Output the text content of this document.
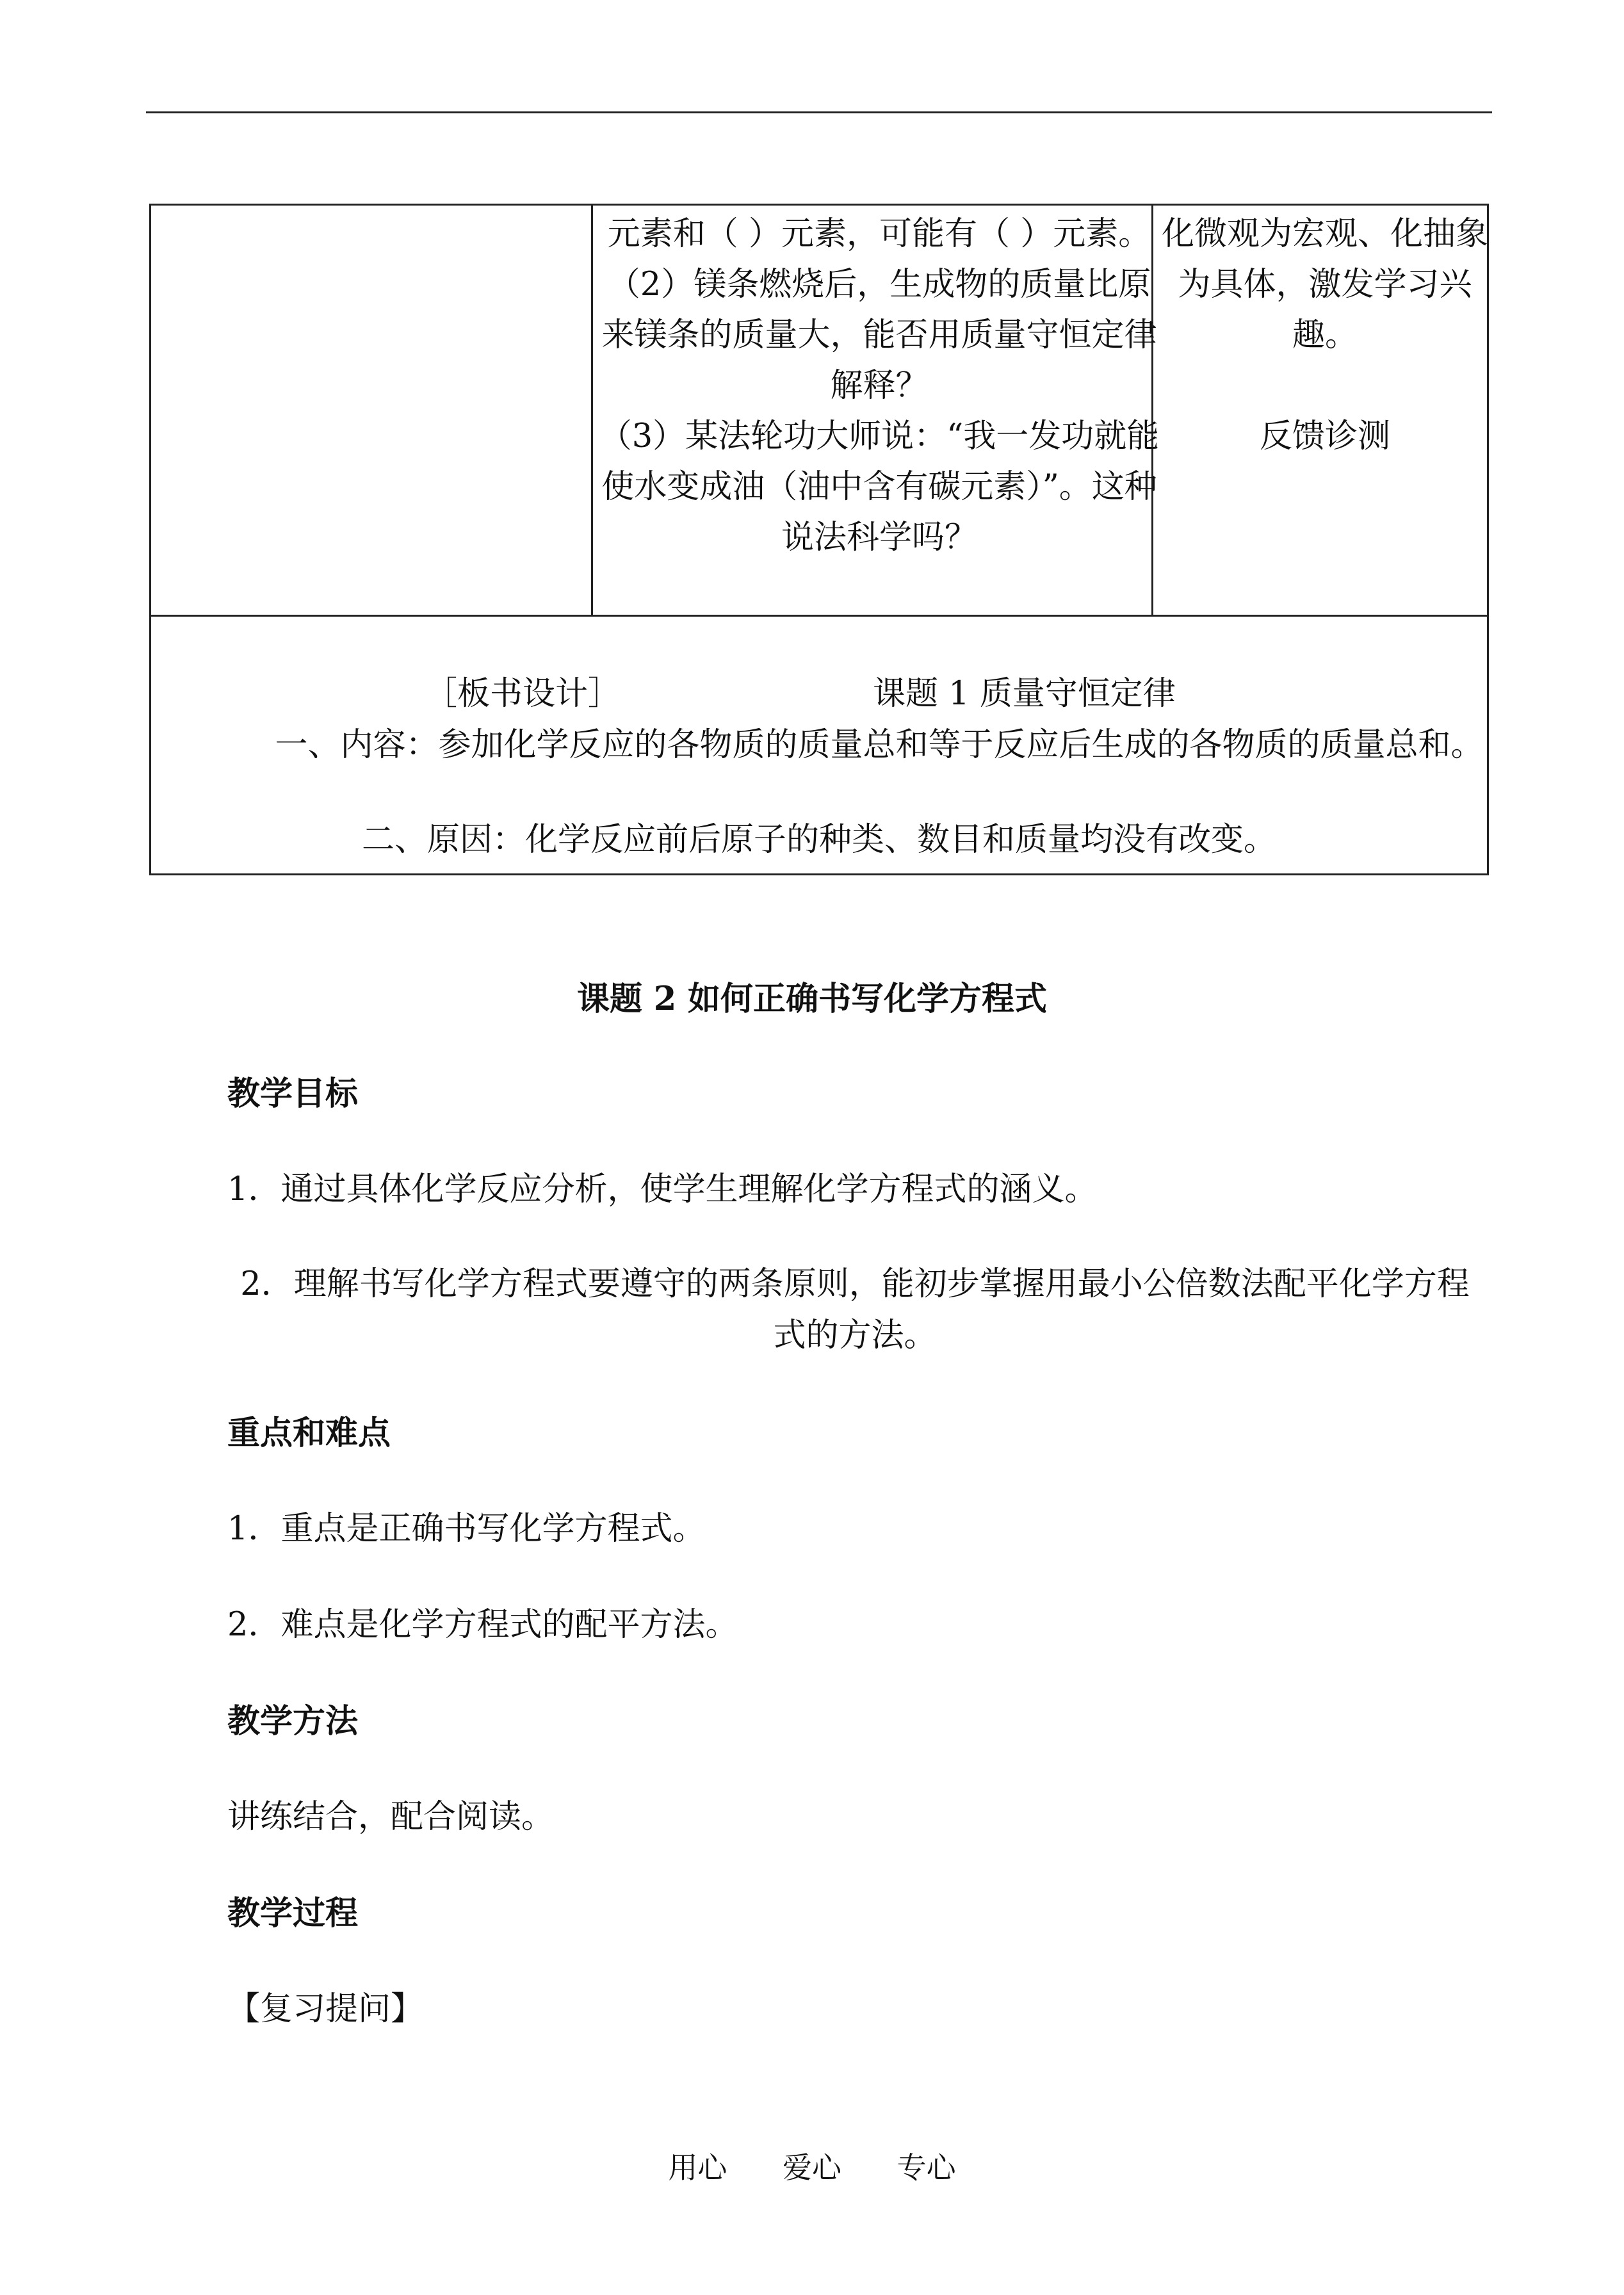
元素和（ ）元素，可能有（ ）元素。

（2）镁条燃烧后，生成物的质量比原来镁条的质量大，能否用质量守恒定律解释？

（3）某法轮功大师说：“我一发功就能使水变成油（油中含有碳元素）”。这种说法科学吗？

化微观为宏观、化抽象为具体，激发学习兴趣。

反馈诊测

［板书设计］	课题 1 质量守恒定律
一、内容：参加化学反应的各物质的质量总和等于反应后生成的各物质的质量总和。
二、原因：化学反应前后原子的种类、数目和质量均没有改变。
课题 2 如何正确书写化学方程式
教学目标
1．通过具体化学反应分析，使学生理解化学方程式的涵义。
2．理解书写化学方程式要遵守的两条原则，能初步掌握用最小公倍数法配平化学方程式的方法。
重点和难点
1．重点是正确书写化学方程式。
2．难点是化学方程式的配平方法。
教学方法
讲练结合，配合阅读。
教学过程
【复习提问】
用心 爱心 专心
